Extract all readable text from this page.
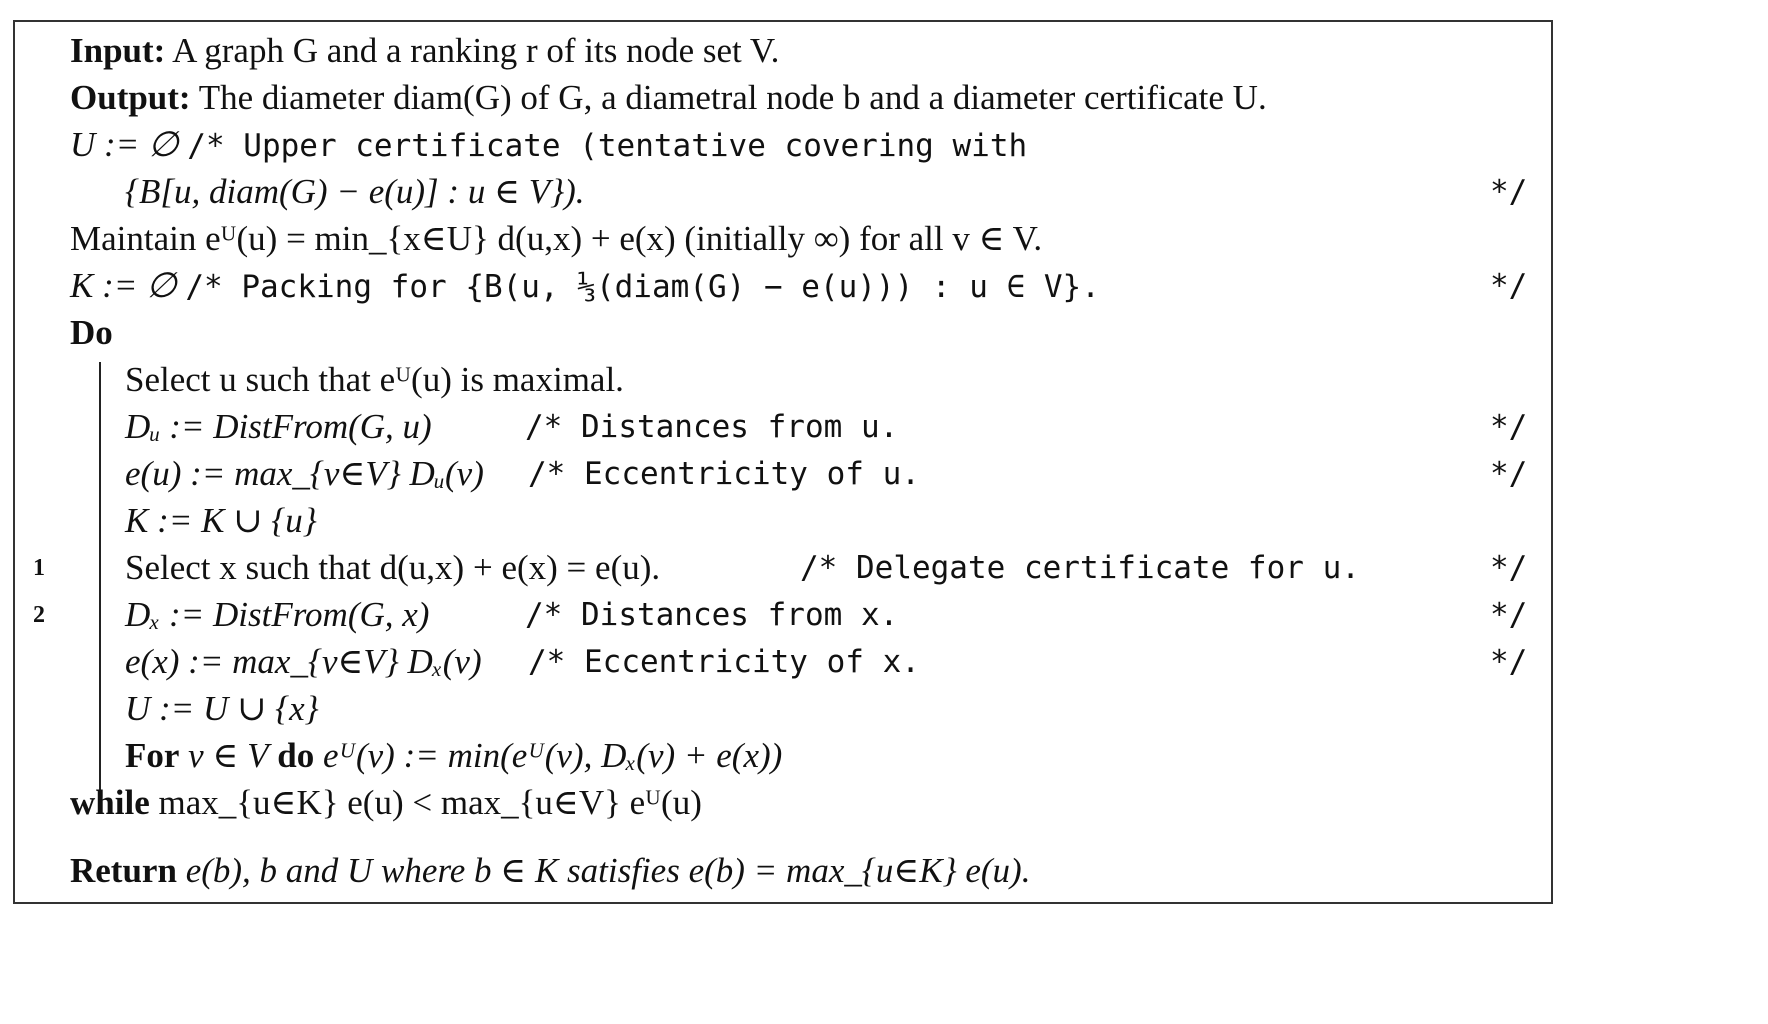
Input: A graph G and a ranking r of its node set V.
Output: The diameter diam(G) of G, a diametral node b and a diameter certificate U.
U := ∅ /* Upper certificate (tentative covering with
{B[u, diam(G) − e(u)] : u ∈ V}).	*/
Maintain eᵁ(u) = min_{x∈U} d(u,x) + e(x) (initially ∞) for all v ∈ V.
K := ∅ /* Packing for {B(u, ⅓(diam(G) − e(u))) : u ∈ V}.	*/
Do
Select u such that eᵁ(u) is maximal.
Dᵤ := DistFrom(G, u)	/* Distances from u.	*/
e(u) := max_{v∈V} Dᵤ(v) /* Eccentricity of u.	*/
K := K ∪ {u}
1 Select x such that d(u,x) + e(x) = e(u).	/* Delegate certificate for u.	*/
2 Dₓ := DistFrom(G, x)	/* Distances from x.	*/
e(x) := max_{v∈V} Dₓ(v) /* Eccentricity of x.	*/
U := U ∪ {x}
For v ∈ V do eᵁ(v) := min(eᵁ(v), Dₓ(v) + e(x))
while max_{u∈K} e(u) < max_{u∈V} eᵁ(u)
Return e(b), b and U where b ∈ K satisfies e(b) = max_{u∈K} e(u).
